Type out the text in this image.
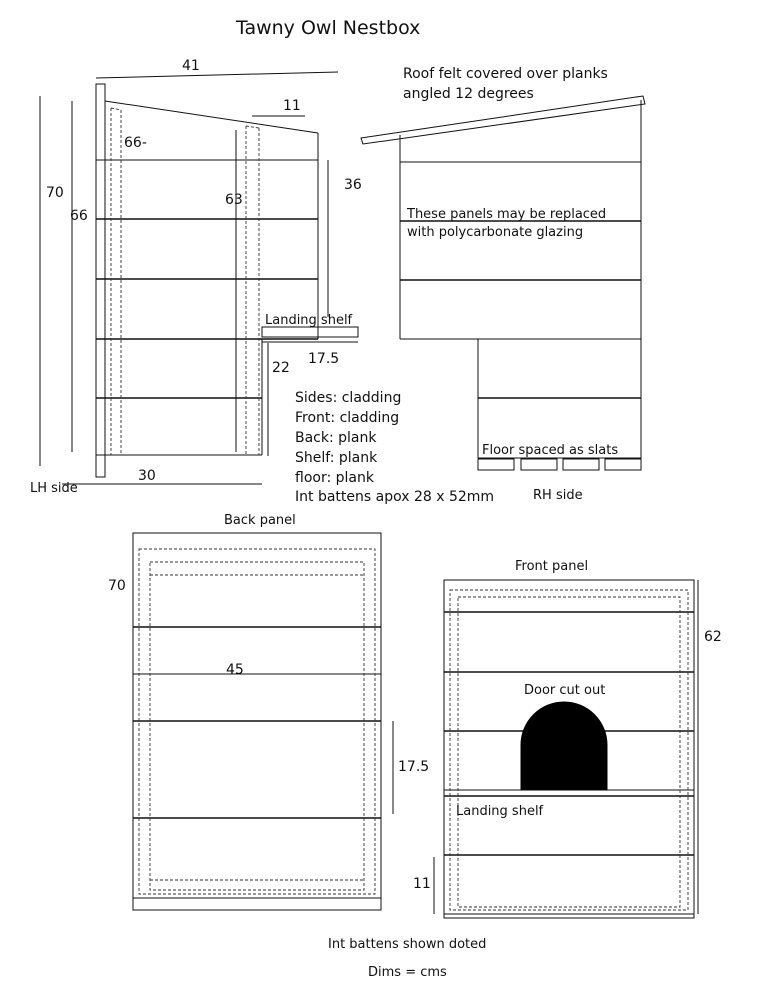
Tawny Owl Nestbox
Landing shelf
41
11
66-
70
66
63
36
30
22
17.5
LH side
Sides: cladding
Front: cladding
Back: plank
Shelf: plank
floor: plank
Int battens apox 28 x 52mm
Roof felt covered over planks
angled 12 degrees
These panels may be replaced
with polycarbonate glazing
Floor spaced as slats
RH side
Back panel
70
45
17.5
Front panel
Door cut out
Landing shelf
62
11
Int battens shown doted
Dims = cms
